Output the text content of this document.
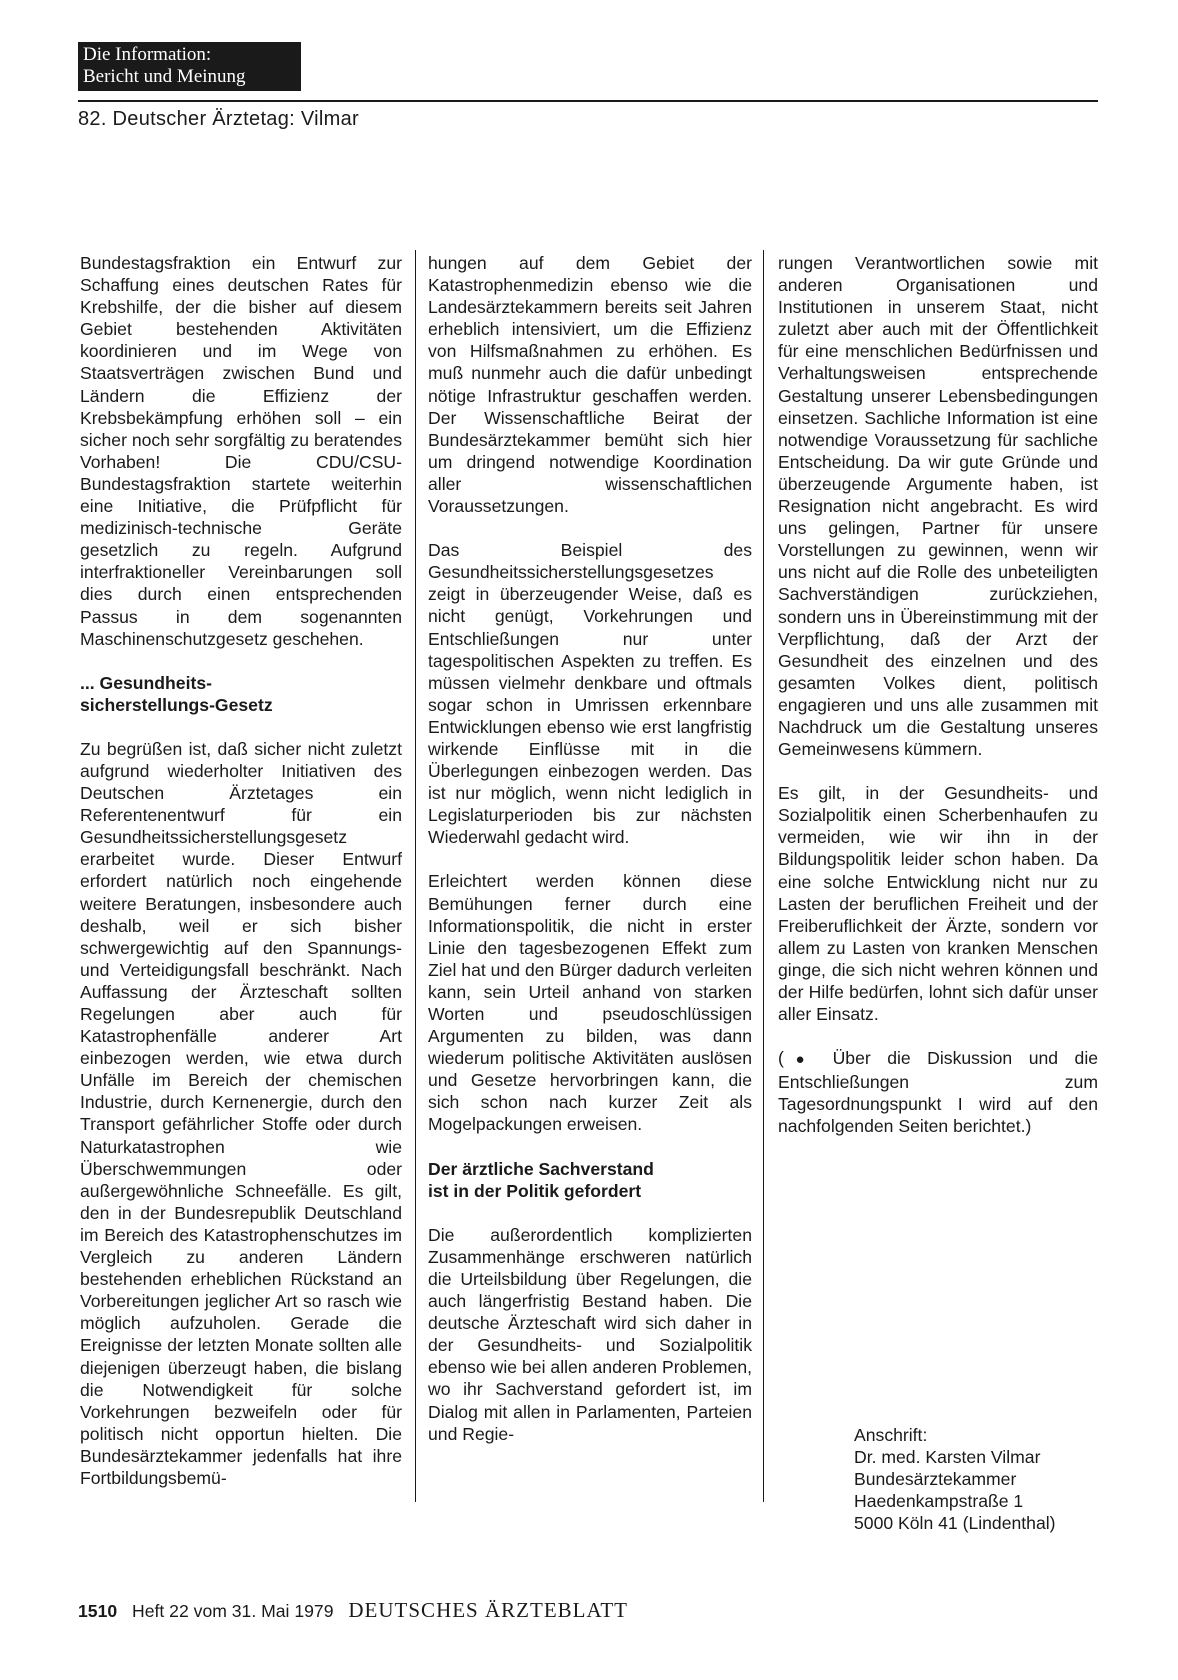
Die Information:
Bericht und Meinung
82. Deutscher Ärztetag: Vilmar

Bundestagsfraktion ein Entwurf zur Schaffung eines deutschen Rates für Krebshilfe, der die bisher auf diesem Gebiet bestehenden Aktivitäten koordinieren und im Wege von Staatsverträgen zwischen Bund und Ländern die Effizienz der Krebsbekämpfung erhöhen soll – ein sicher noch sehr sorgfältig zu beratendes Vorhaben! Die CDU/CSU-Bundestagsfraktion startete weiterhin eine Initiative, die Prüfpflicht für medizinisch-technische Geräte gesetzlich zu regeln. Aufgrund interfraktioneller Vereinbarungen soll dies durch einen entsprechenden Passus in dem sogenannten Maschinenschutzgesetz geschehen.

... Gesundheits-
sicherstellungs-Gesetz

Zu begrüßen ist, daß sicher nicht zuletzt aufgrund wiederholter Initiativen des Deutschen Ärztetages ein Referentenentwurf für ein Gesundheitssicherstellungsgesetz erarbeitet wurde. Dieser Entwurf erfordert natürlich noch eingehende weitere Beratungen, insbesondere auch deshalb, weil er sich bisher schwergewichtig auf den Spannungs- und Verteidigungsfall beschränkt. Nach Auffassung der Ärzteschaft sollten Regelungen aber auch für Katastrophenfälle anderer Art einbezogen werden, wie etwa durch Unfälle im Bereich der chemischen Industrie, durch Kernenergie, durch den Transport gefährlicher Stoffe oder durch Naturkatastrophen wie Überschwemmungen oder außergewöhnliche Schneefälle. Es gilt, den in der Bundesrepublik Deutschland im Bereich des Katastrophenschutzes im Vergleich zu anderen Ländern bestehenden erheblichen Rückstand an Vorbereitungen jeglicher Art so rasch wie möglich aufzuholen. Gerade die Ereignisse der letzten Monate sollten alle diejenigen überzeugt haben, die bislang die Notwendigkeit für solche Vorkehrungen bezweifeln oder für politisch nicht opportun hielten. Die Bundesärztekammer jedenfalls hat ihre Fortbildungsbemü-

hungen auf dem Gebiet der Katastrophenmedizin ebenso wie die Landesärztekammern bereits seit Jahren erheblich intensiviert, um die Effizienz von Hilfsmaßnahmen zu erhöhen. Es muß nunmehr auch die dafür unbedingt nötige Infrastruktur geschaffen werden. Der Wissenschaftliche Beirat der Bundesärztekammer bemüht sich hier um dringend notwendige Koordination aller wissenschaftlichen Voraussetzungen.

Das Beispiel des Gesundheitssicherstellungsgesetzes zeigt in überzeugender Weise, daß es nicht genügt, Vorkehrungen und Entschließungen nur unter tagespolitischen Aspekten zu treffen. Es müssen vielmehr denkbare und oftmals sogar schon in Umrissen erkennbare Entwicklungen ebenso wie erst langfristig wirkende Einflüsse mit in die Überlegungen einbezogen werden. Das ist nur möglich, wenn nicht lediglich in Legislaturperioden bis zur nächsten Wiederwahl gedacht wird.

Erleichtert werden können diese Bemühungen ferner durch eine Informationspolitik, die nicht in erster Linie den tagesbezogenen Effekt zum Ziel hat und den Bürger dadurch verleiten kann, sein Urteil anhand von starken Worten und pseudoschlüssigen Argumenten zu bilden, was dann wiederum politische Aktivitäten auslösen und Gesetze hervorbringen kann, die sich schon nach kurzer Zeit als Mogelpackungen erweisen.

Der ärztliche Sachverstand
ist in der Politik gefordert

Die außerordentlich komplizierten Zusammenhänge erschweren natürlich die Urteilsbildung über Regelungen, die auch längerfristig Bestand haben. Die deutsche Ärzteschaft wird sich daher in der Gesundheits- und Sozialpolitik ebenso wie bei allen anderen Problemen, wo ihr Sachverstand gefordert ist, im Dialog mit allen in Parlamenten, Parteien und Regie-

rungen Verantwortlichen sowie mit anderen Organisationen und Institutionen in unserem Staat, nicht zuletzt aber auch mit der Öffentlichkeit für eine menschlichen Bedürfnissen und Verhaltungsweisen entsprechende Gestaltung unserer Lebensbedingungen einsetzen. Sachliche Information ist eine notwendige Voraussetzung für sachliche Entscheidung. Da wir gute Gründe und überzeugende Argumente haben, ist Resignation nicht angebracht. Es wird uns gelingen, Partner für unsere Vorstellungen zu gewinnen, wenn wir uns nicht auf die Rolle des unbeteiligten Sachverständigen zurückziehen, sondern uns in Übereinstimmung mit der Verpflichtung, daß der Arzt der Gesundheit des einzelnen und des gesamten Volkes dient, politisch engagieren und uns alle zusammen mit Nachdruck um die Gestaltung unseres Gemeinwesens kümmern.

Es gilt, in der Gesundheits- und Sozialpolitik einen Scherbenhaufen zu vermeiden, wie wir ihn in der Bildungspolitik leider schon haben. Da eine solche Entwicklung nicht nur zu Lasten der beruflichen Freiheit und der Freiberuflichkeit der Ärzte, sondern vor allem zu Lasten von kranken Menschen ginge, die sich nicht wehren können und der Hilfe bedürfen, lohnt sich dafür unser aller Einsatz.

(● Über die Diskussion und die Entschließungen zum Tagesordnungspunkt I wird auf den nachfolgenden Seiten berichtet.)

Anschrift:
Dr. med. Karsten Vilmar
Bundesärztekammer
Haedenkampstraße 1
5000 Köln 41 (Lindenthal)
1510 Heft 22 vom 31. Mai 1979 DEUTSCHES ÄRZTEBLATT
